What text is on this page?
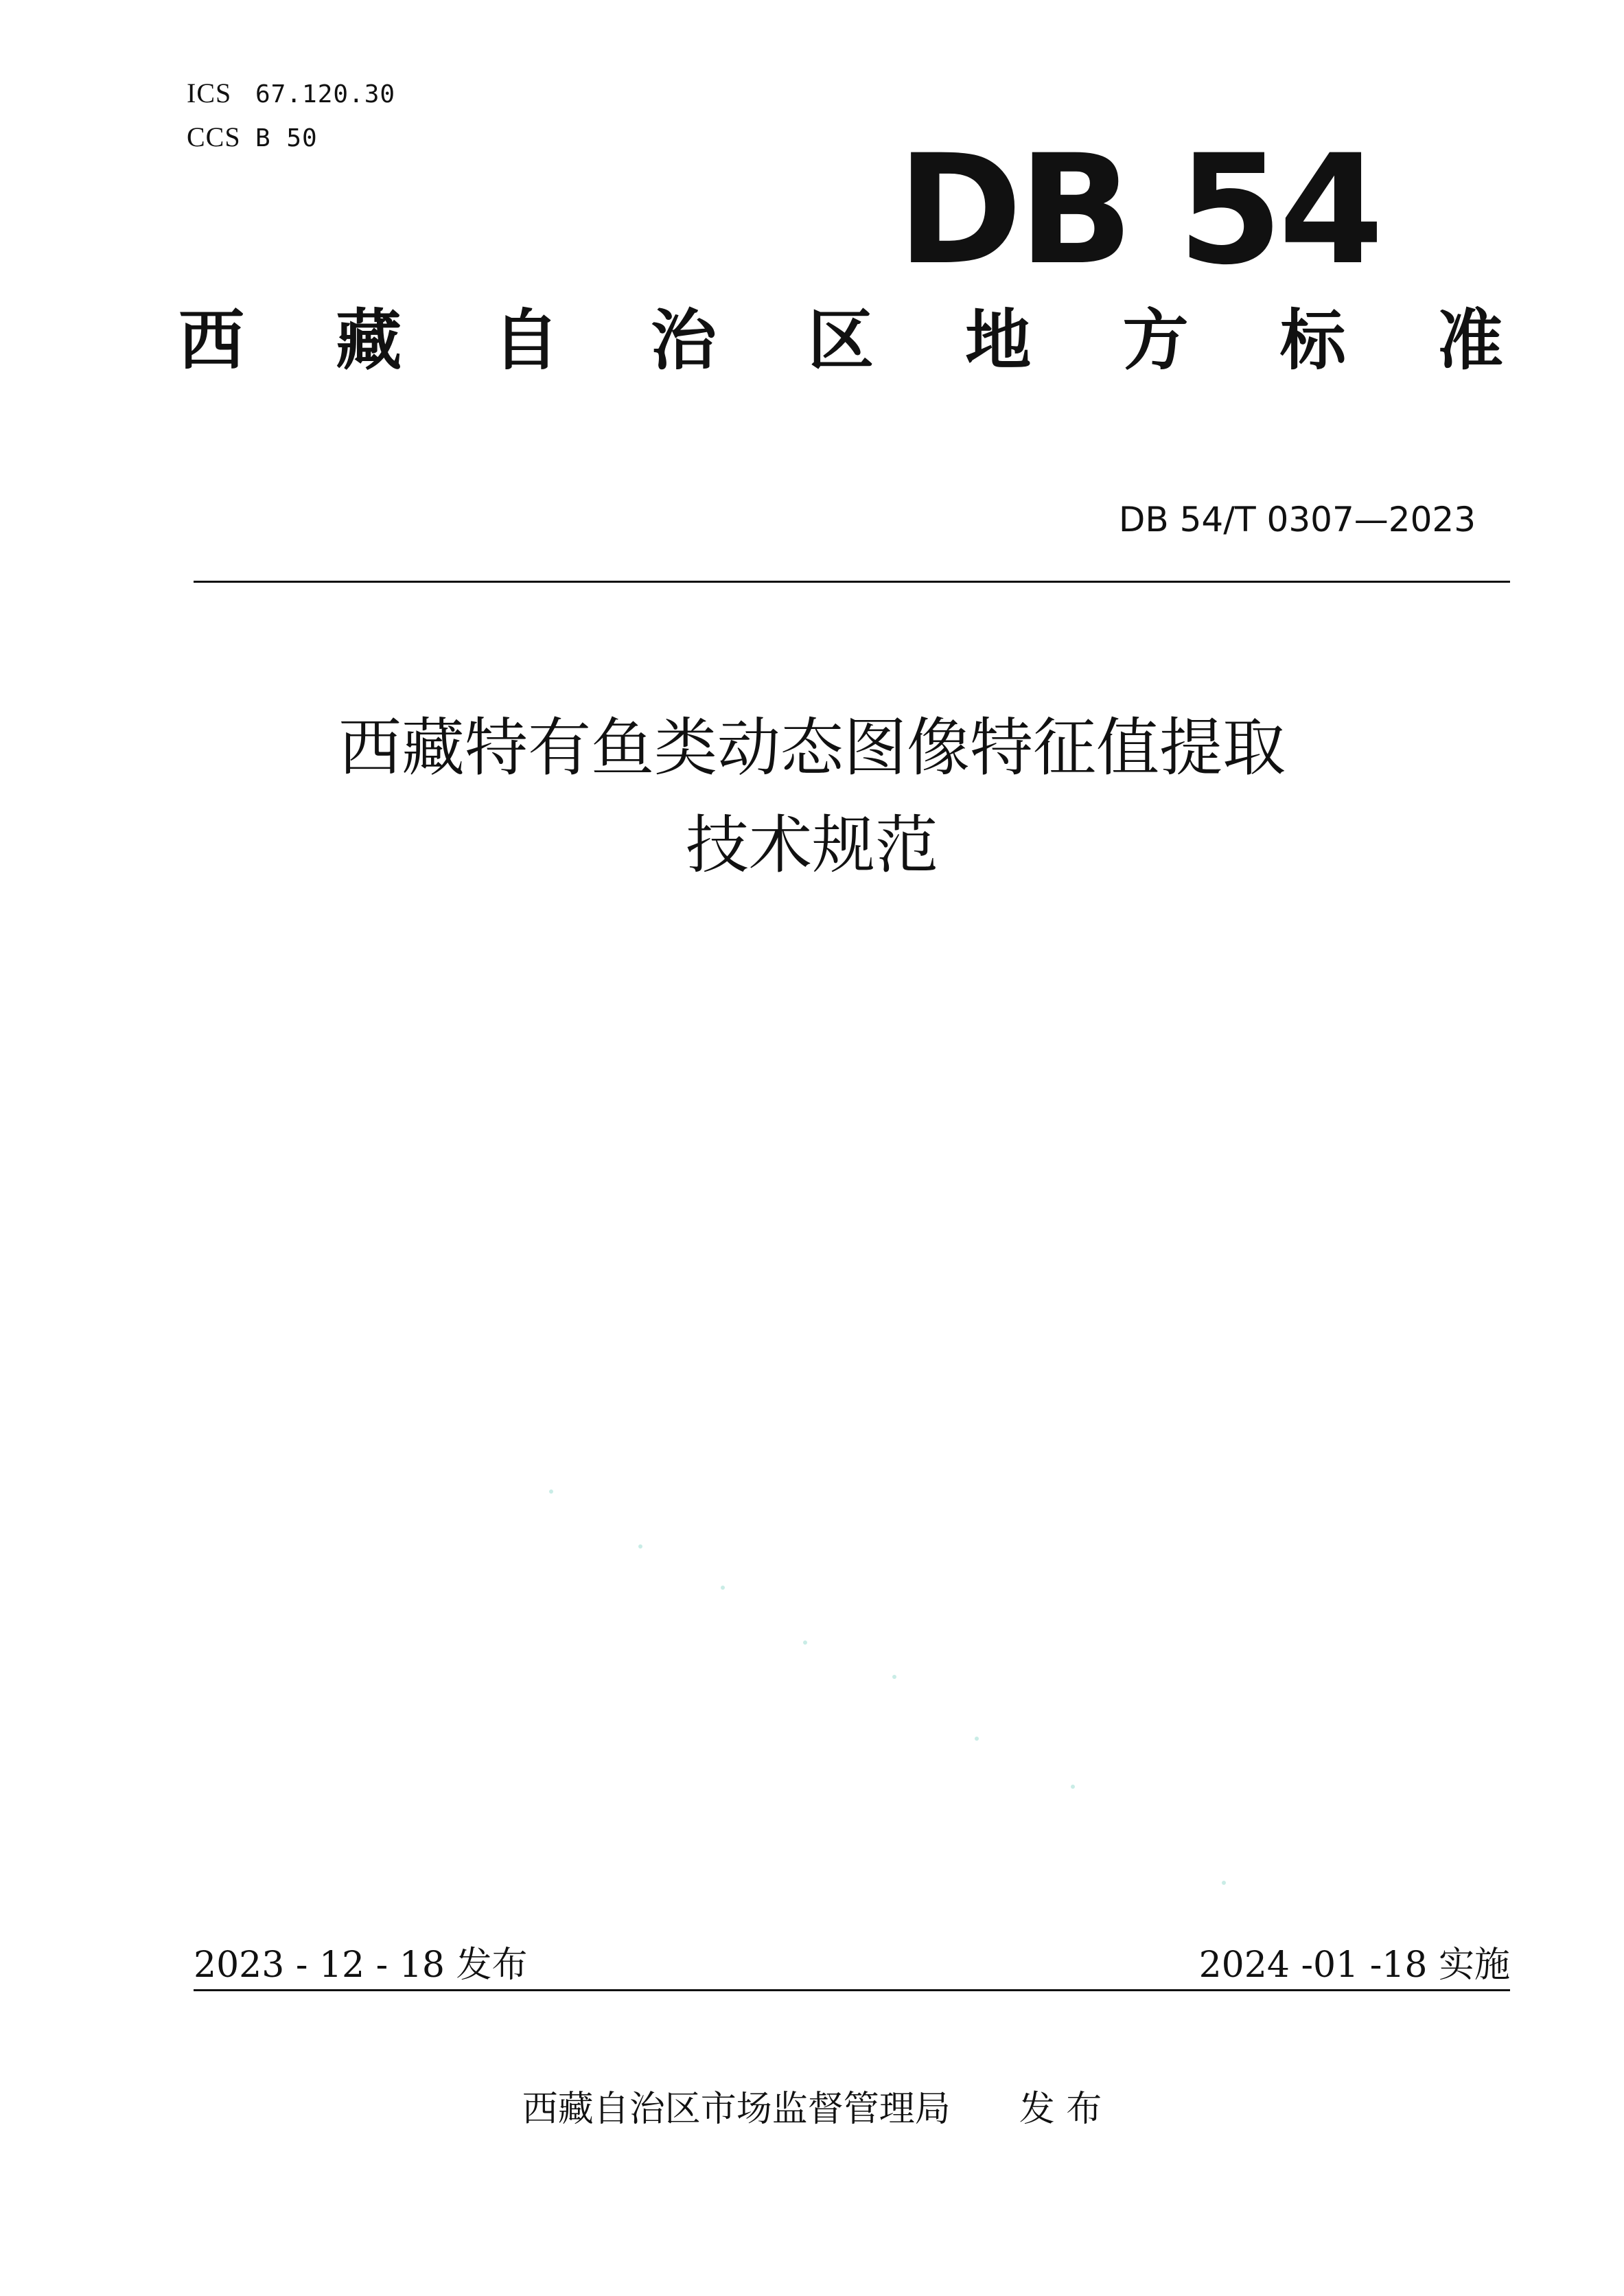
ICS 67.120.30
CCS B 50	DB 54
西 藏 自 治 区 地 方 标 准
DB 54/T 0307—2023
西藏特有鱼类动态图像特征值提取
技术规范
2023 - 12 - 18 发布	2024 -01 -18 实施
西藏自治区市场监督管理局 发 布
